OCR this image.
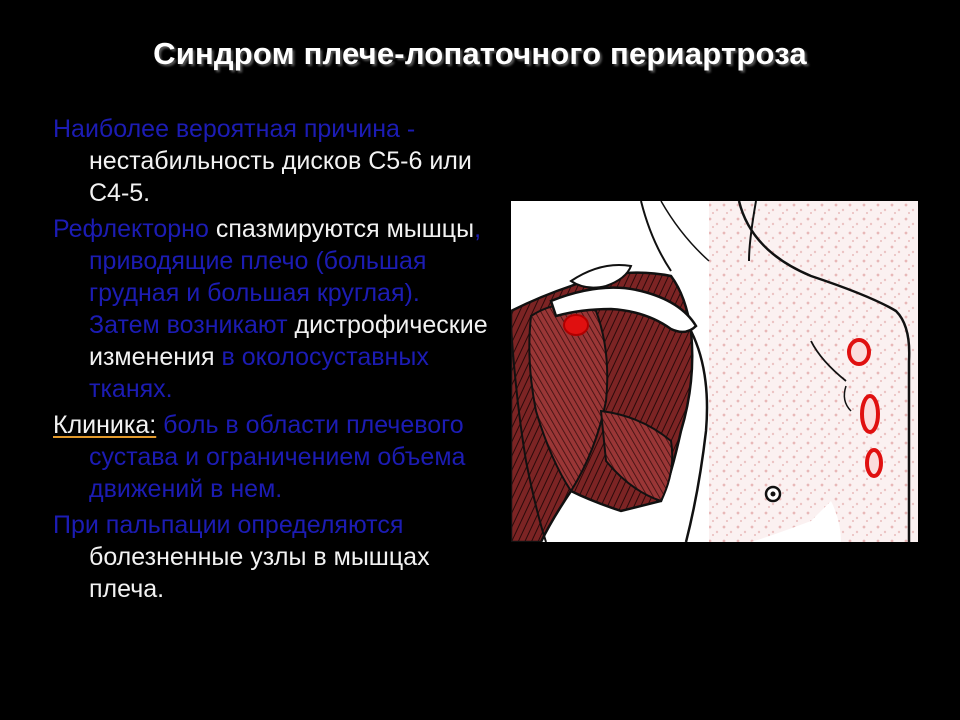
Синдром плече-лопаточного периартроза

Наиболее вероятная причина - нестабильность дисков С5-6 или С4-5.

Рефлекторно спазмируются мышцы, приводящие плечо (большая грудная и большая круглая). Затем возникают дистрофические изменения в околосуставных тканях.

Клиника: боль в области плечевого сустава и ограничением объема движений в нем.

При пальпации определяются болезненные узлы в мышцах плеча.
